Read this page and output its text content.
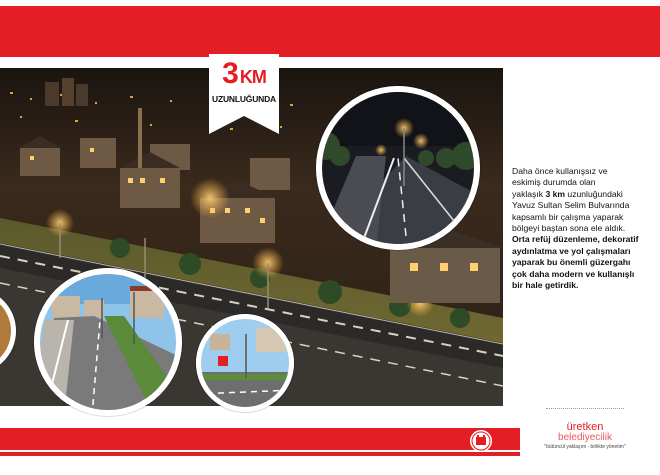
3 KM
UZUNLUĞUNDA
Daha önce kullanışsız ve
eskimiş durumda olan
yaklaşık 3 km uzunluğundaki
Yavuz Sultan Selim Bulvarında
kapsamlı bir çalışma yaparak
bölgeyi baştan sona ele aldık.
Orta refüj düzenleme, dekoratif
aydınlatma ve yol çalışmaları
yaparak bu önemli güzergahı
çok daha modern ve kullanışlı
bir hale getirdik.
üretken
belediyecilik
"bütüncül yaklaşım - birlikte yönetim"
